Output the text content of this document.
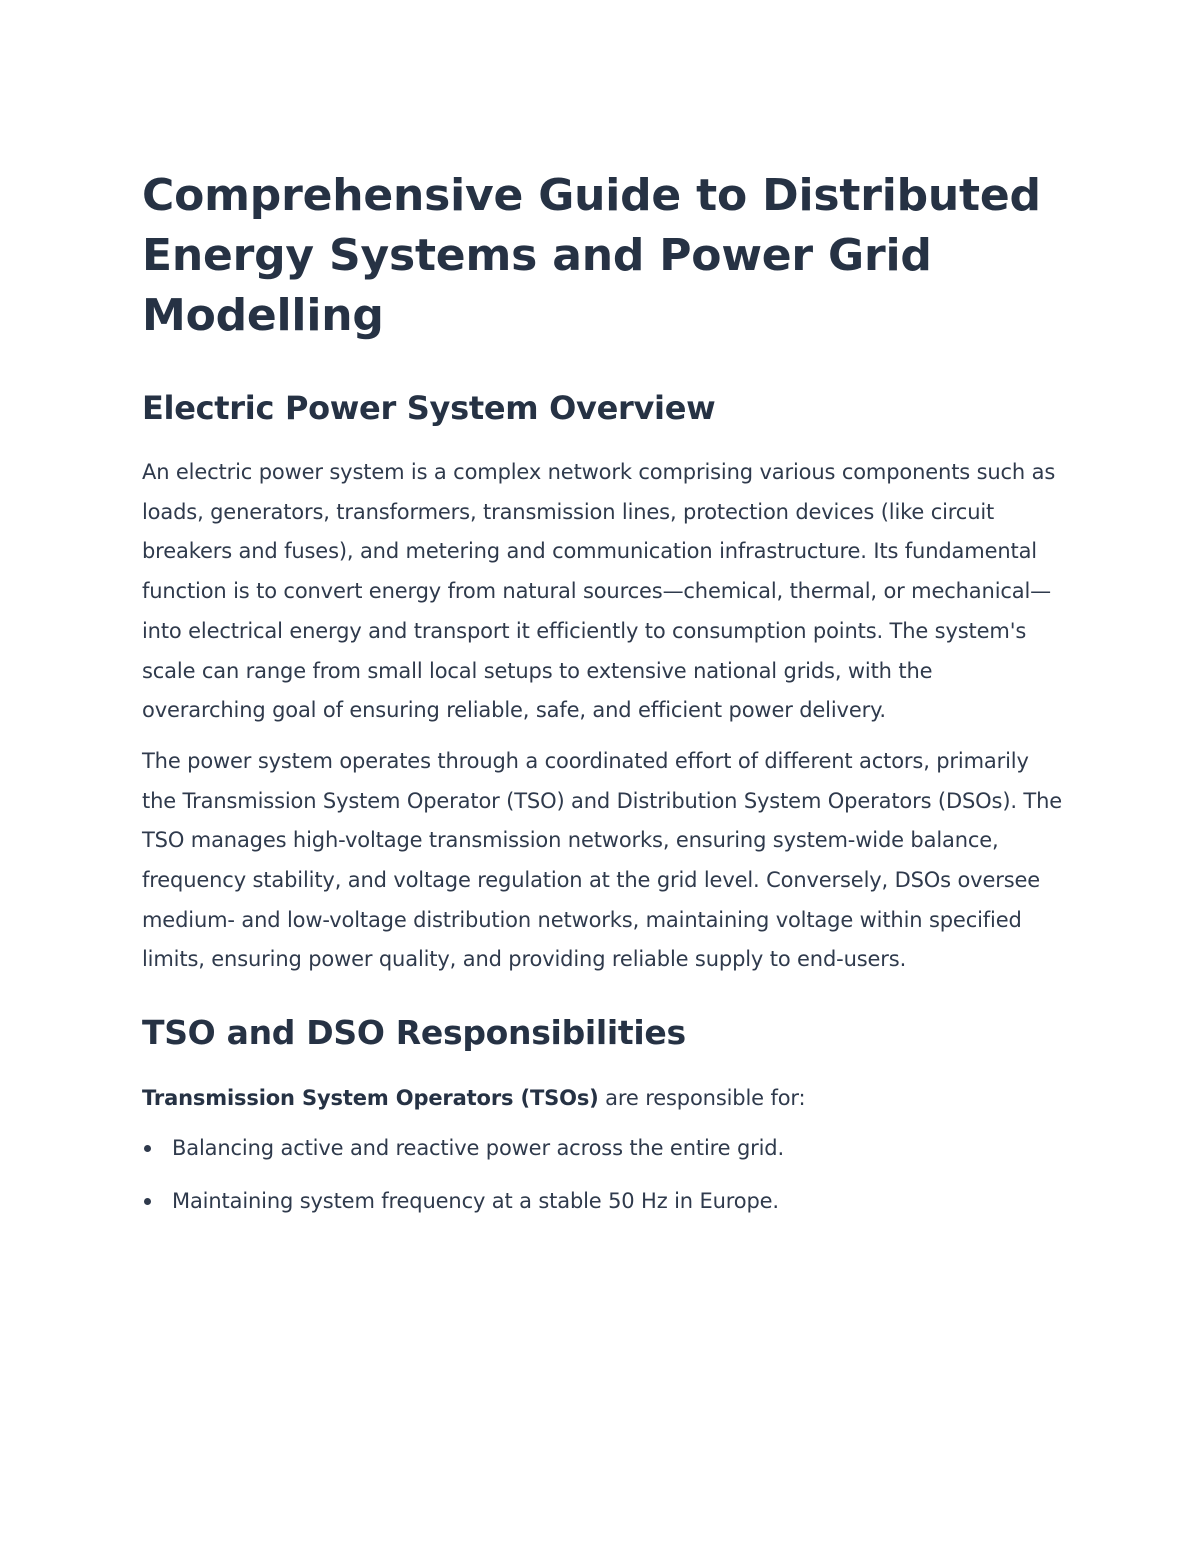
Comprehensive Guide to Distributed Energy Systems and Power Grid Modelling
Electric Power System Overview

An electric power system is a complex network comprising various components such as loads, generators, transformers, transmission lines, protection devices (like circuit breakers and fuses), and metering and communication infrastructure. Its fundamental function is to convert energy from natural sources—chemical, thermal, or mechanical—into electrical energy and transport it efficiently to consumption points. The system's scale can range from small local setups to extensive national grids, with the overarching goal of ensuring reliable, safe, and efficient power delivery.

The power system operates through a coordinated effort of different actors, primarily the Transmission System Operator (TSO) and Distribution System Operators (DSOs). The TSO manages high-voltage transmission networks, ensuring system-wide balance, frequency stability, and voltage regulation at the grid level. Conversely, DSOs oversee medium- and low-voltage distribution networks, maintaining voltage within specified limits, ensuring power quality, and providing reliable supply to end-users.

TSO and DSO Responsibilities

Transmission System Operators (TSOs) are responsible for:

Balancing active and reactive power across the entire grid.
Maintaining system frequency at a stable 50 Hz in Europe.
